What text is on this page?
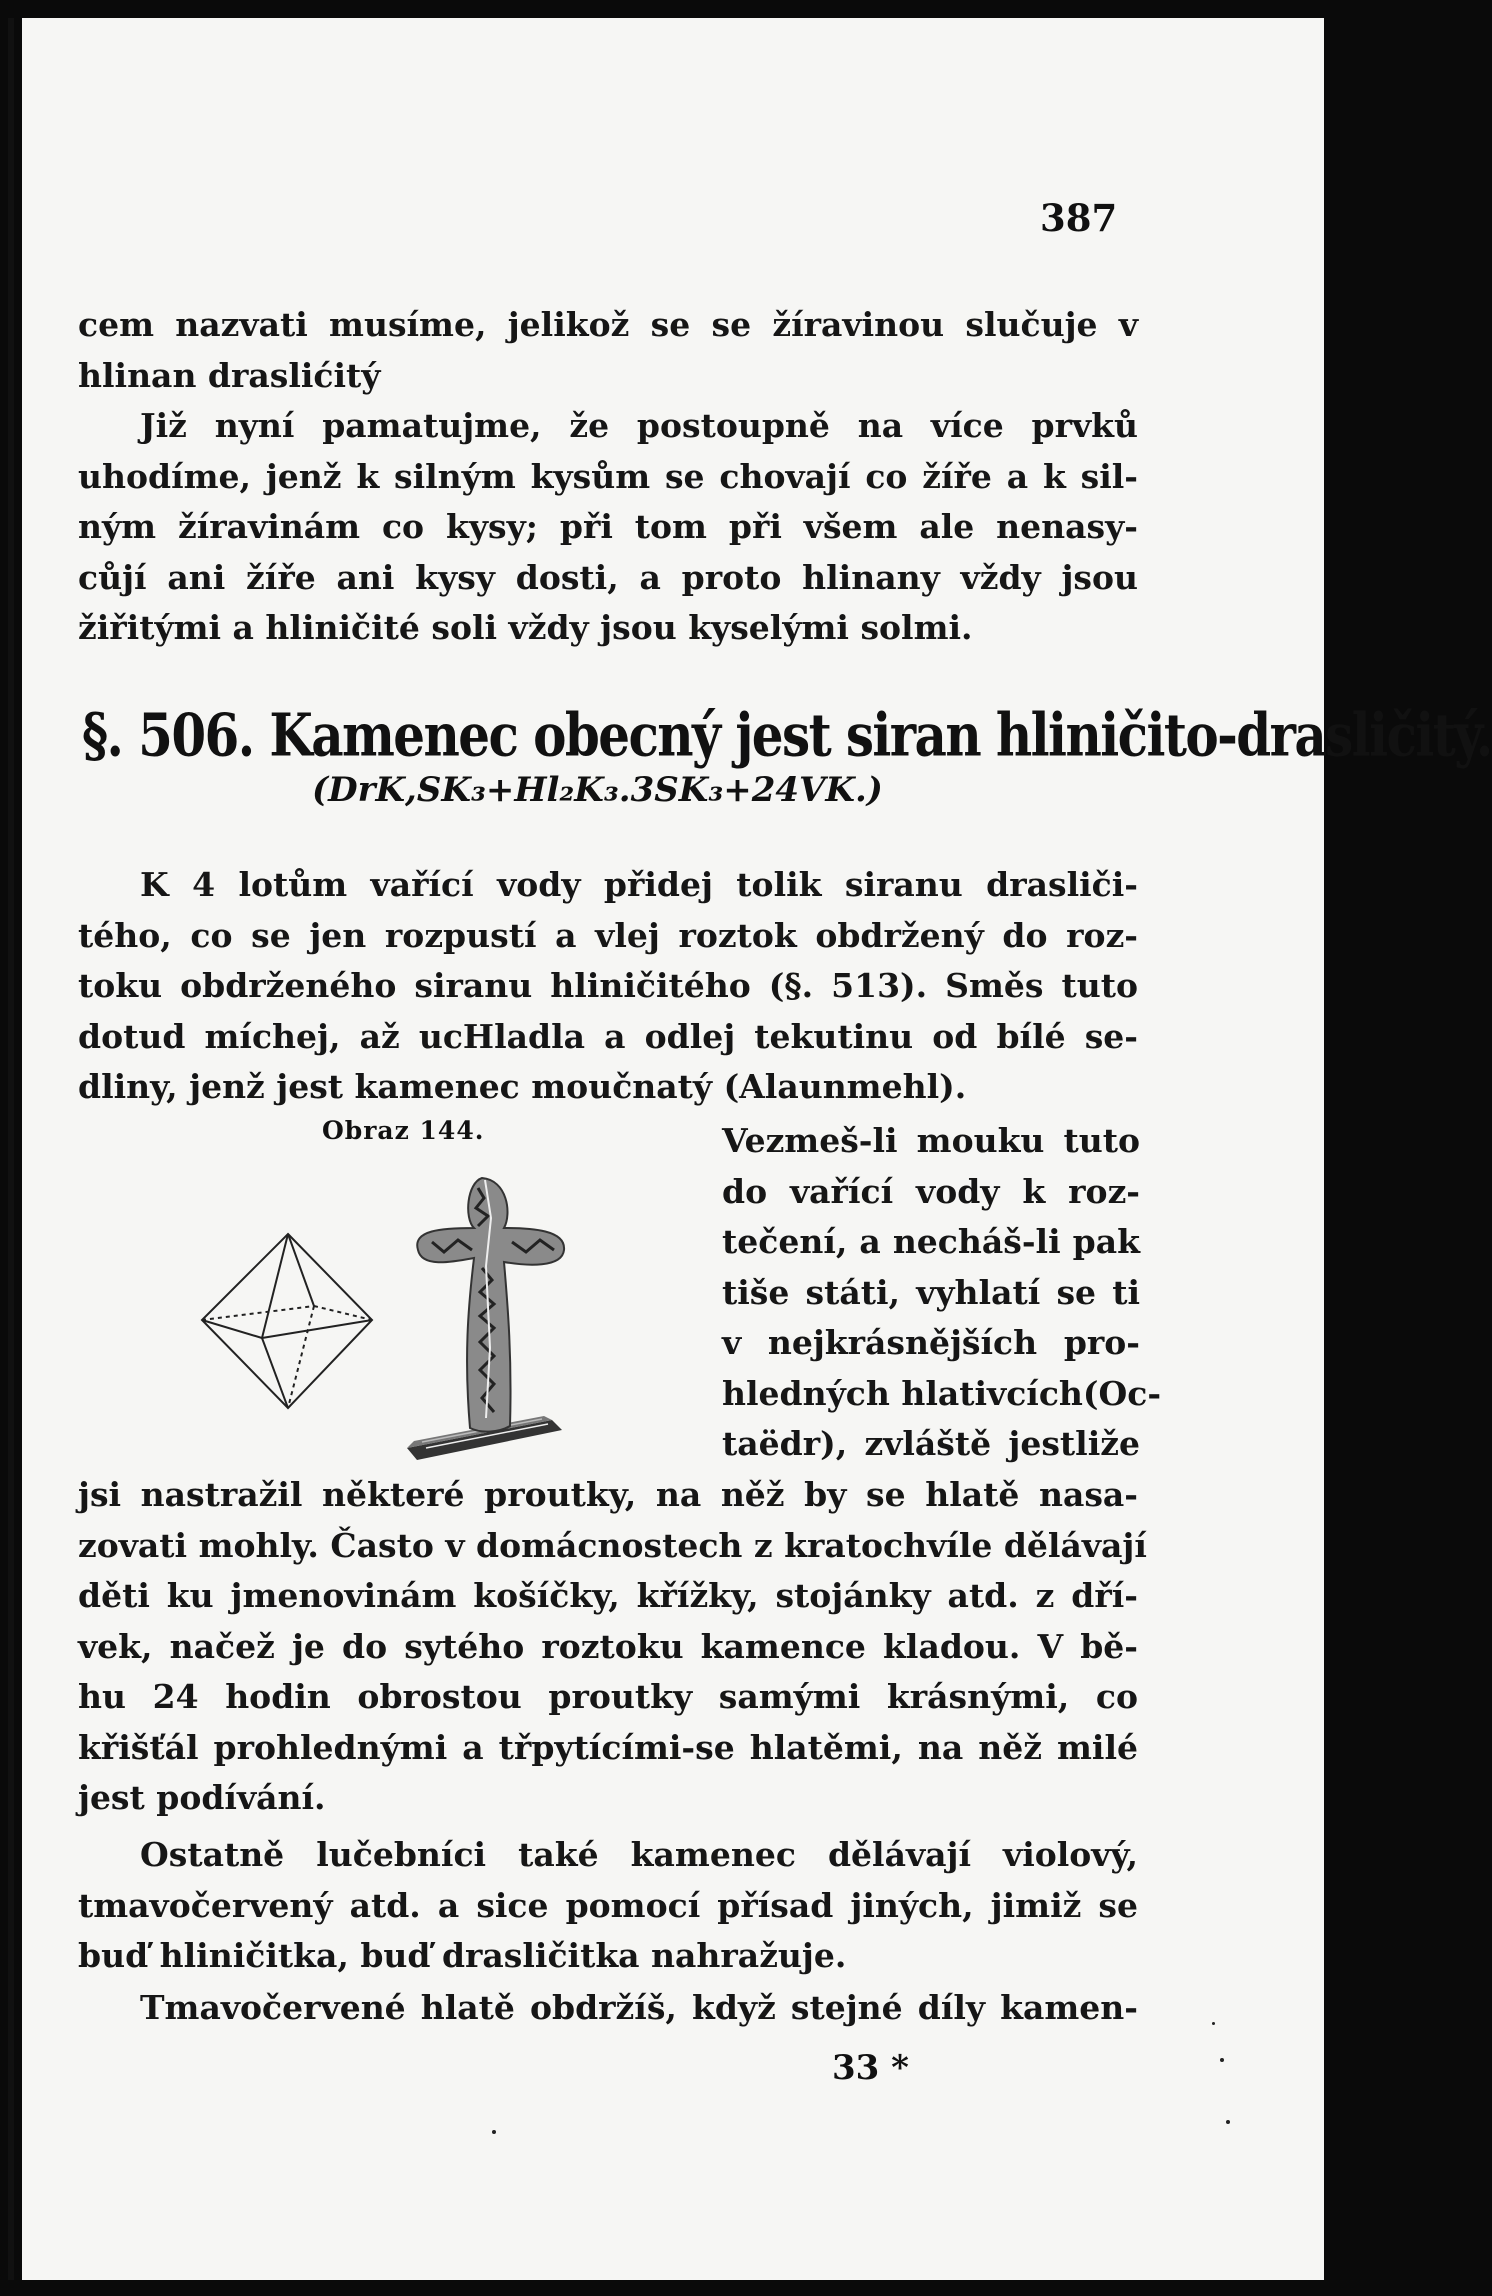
387
cem nazvati musíme, jelikož se se žíravinou slučuje v
hlinan draslićitý
Již nyní pamatujme, že postoupně na více prvků
uhodíme, jenž k silným kysům se chovají co žíře a k sil-
ným žíravinám co kysy; při tom při všem ale nenasy-
cůjí ani žíře ani kysy dosti, a proto hlinany vždy jsou
žiřitými a hliničité soli vždy jsou kyselými solmi.
§. 506. Kamenec obecný jest siran hliničito-drasličitý.
(DrK,SK₃+Hl₂K₃.3SK₃+24VK.)
K 4 lotům vařící vody přidej tolik siranu drasliči-
tého, co se jen rozpustí a vlej roztok obdržený do roz-
toku obdrženého siranu hliničitého (§. 513). Směs tuto
dotud míchej, až ucHladla a odlej tekutinu od bílé se-
dliny, jenž jest kamenec moučnatý (Alaunmehl).
Obraz 144.	Vezmeš-li mouku tuto
do vařící vody k roz-
tečení, a necháš-li pak
tiše státi, vyhlatí se ti
v nejkrásnějších pro-
hledných hlativcích(Oc-
taëdr), zvláště jestliže
jsi nastražil některé proutky, na něž by se hlatě nasa-
zovati mohly. Často v domácnostech z kratochvíle dělávají
děti ku jmenovinám košíčky, křížky, stojánky atd. z dří-
vek, načež je do sytého roztoku kamence kladou. V bě-
hu 24 hodin obrostou proutky samými krásnými, co
křišťál prohlednými a třpytícími-se hlatěmi, na něž milé
jest podívání.
Ostatně lučebníci také kamenec dělávají violový,
tmavočervený atd. a sice pomocí přísad jiných, jimiž se
buď hliničitka, buď drasličitka nahražuje.
Tmavočervené hlatě obdržíš, když stejné díly kamen-
33 *
